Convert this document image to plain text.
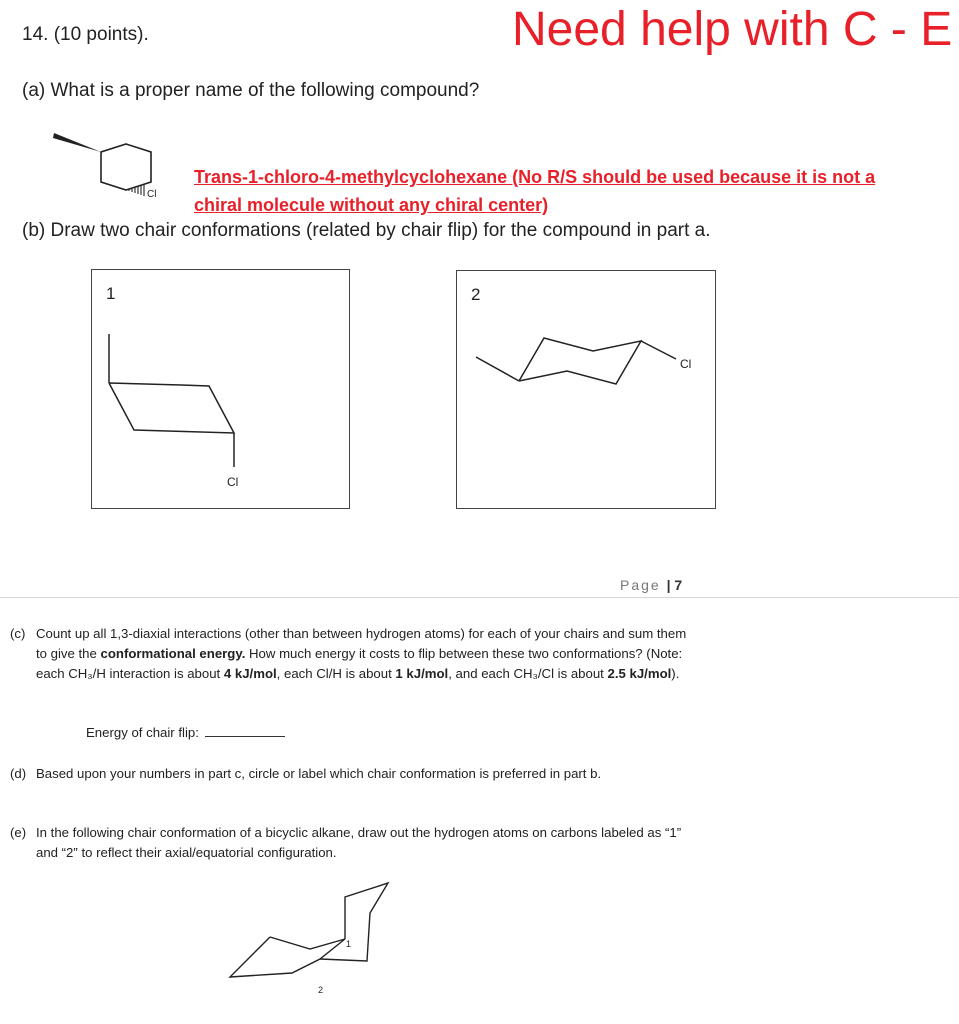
14. (10 points).	Need help with C - E
(a) What is a proper name of the following compound?
Cl
Trans-1-chloro-4-methylcyclohexane (No R/S should be used because it is not a
chiral molecule without any chiral center)
(b) Draw two chair conformations (related by chair flip) for the compound in part a.
1
Cl
2
Cl
Page | 7
(c) Count up all 1,3-diaxial interactions (other than between hydrogen atoms) for each of your chairs and sum them to give the conformational energy. How much energy it costs to flip between these two conformations? (Note: each CH₃/H interaction is about 4 kJ/mol, each Cl/H is about 1 kJ/mol, and each CH₃/Cl is about 2.5 kJ/mol).
Energy of chair flip:
(d) Based upon your numbers in part c, circle or label which chair conformation is preferred in part b.
(e) In the following chair conformation of a bicyclic alkane, draw out the hydrogen atoms on carbons labeled as “1” and “2” to reflect their axial/equatorial configuration.
1
2
